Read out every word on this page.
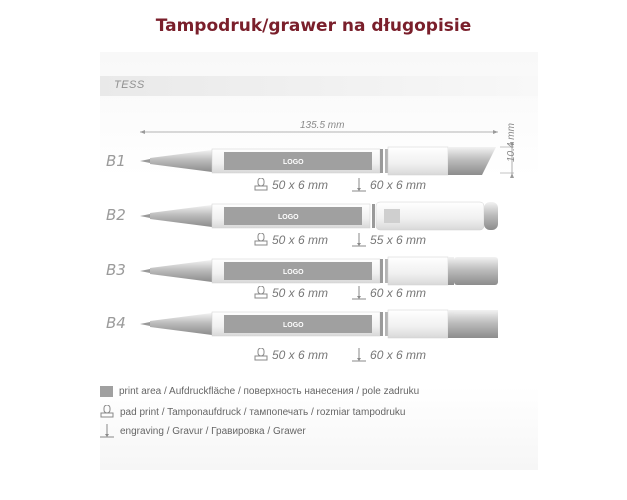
Tampodruk/grawer na długopisie
TESS
135.5 mm	10.4 mm
B1	LOGO
50 x 6 mm	60 x 6 mm
B2	LOGO
50 x 6 mm	55 x 6 mm
B3	LOGO
50 x 6 mm	60 x 6 mm
B4	LOGO
50 x 6 mm	60 x 6 mm
print area / Aufdruckfläche / поверхность нанесения / pole zadruku
pad print / Tamponaufdruck / тампопечать / rozmiar tampodruku
engraving / Gravur / Гравировка / Grawer
